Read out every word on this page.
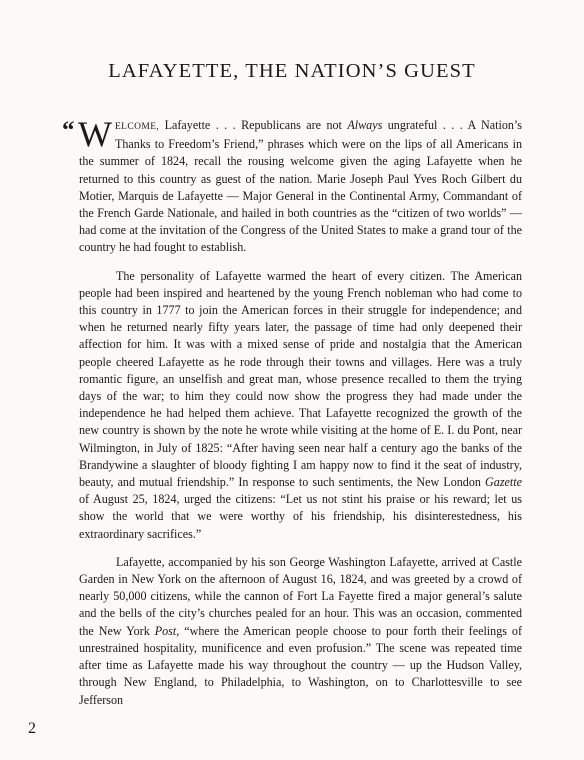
LAFAYETTE, THE NATION’S GUEST

“ W ELCOME, Lafayette . . . Republicans are not Always ungrateful . . . A Nation’s Thanks to Freedom’s Friend,” phrases which were on the lips of all Americans in the summer of 1824, recall the rousing welcome given the aging Lafayette when he returned to this country as guest of the nation. Marie Joseph Paul Yves Roch Gilbert du Motier, Marquis de Lafayette — Major General in the Continental Army, Commandant of the French Garde Nationale, and hailed in both countries as the “citizen of two worlds” — had come at the invitation of the Congress of the United States to make a grand tour of the country he had fought to establish.

The personality of Lafayette warmed the heart of every citizen. The American people had been inspired and heartened by the young French nobleman who had come to this country in 1777 to join the American forces in their struggle for independence; and when he returned nearly fifty years later, the passage of time had only deepened their affection for him. It was with a mixed sense of pride and nostalgia that the American people cheered Lafayette as he rode through their towns and villages. Here was a truly romantic figure, an unselfish and great man, whose presence recalled to them the trying days of the war; to him they could now show the progress they had made under the independence he had helped them achieve. That Lafayette recognized the growth of the new country is shown by the note he wrote while visiting at the home of E. I. du Pont, near Wilmington, in July of 1825: “After having seen near half a century ago the banks of the Brandywine a slaughter of bloody fighting I am happy now to find it the seat of industry, beauty, and mutual friendship.” In response to such sentiments, the New London Gazette of August 25, 1824, urged the citizens: “Let us not stint his praise or his reward; let us show the world that we were worthy of his friendship, his disinterestedness, his extraordinary sacrifices.”

Lafayette, accompanied by his son George Washington Lafayette, arrived at Castle Garden in New York on the afternoon of August 16, 1824, and was greeted by a crowd of nearly 50,000 citizens, while the cannon of Fort La Fayette fired a major general’s salute and the bells of the city’s churches pealed for an hour. This was an occasion, commented the New York Post, “where the American people choose to pour forth their feelings of unrestrained hospitality, munificence and even profusion.” The scene was repeated time after time as Lafayette made his way throughout the country — up the Hudson Valley, through New England, to Philadelphia, to Washington, on to Charlottesville to see Jefferson

2
